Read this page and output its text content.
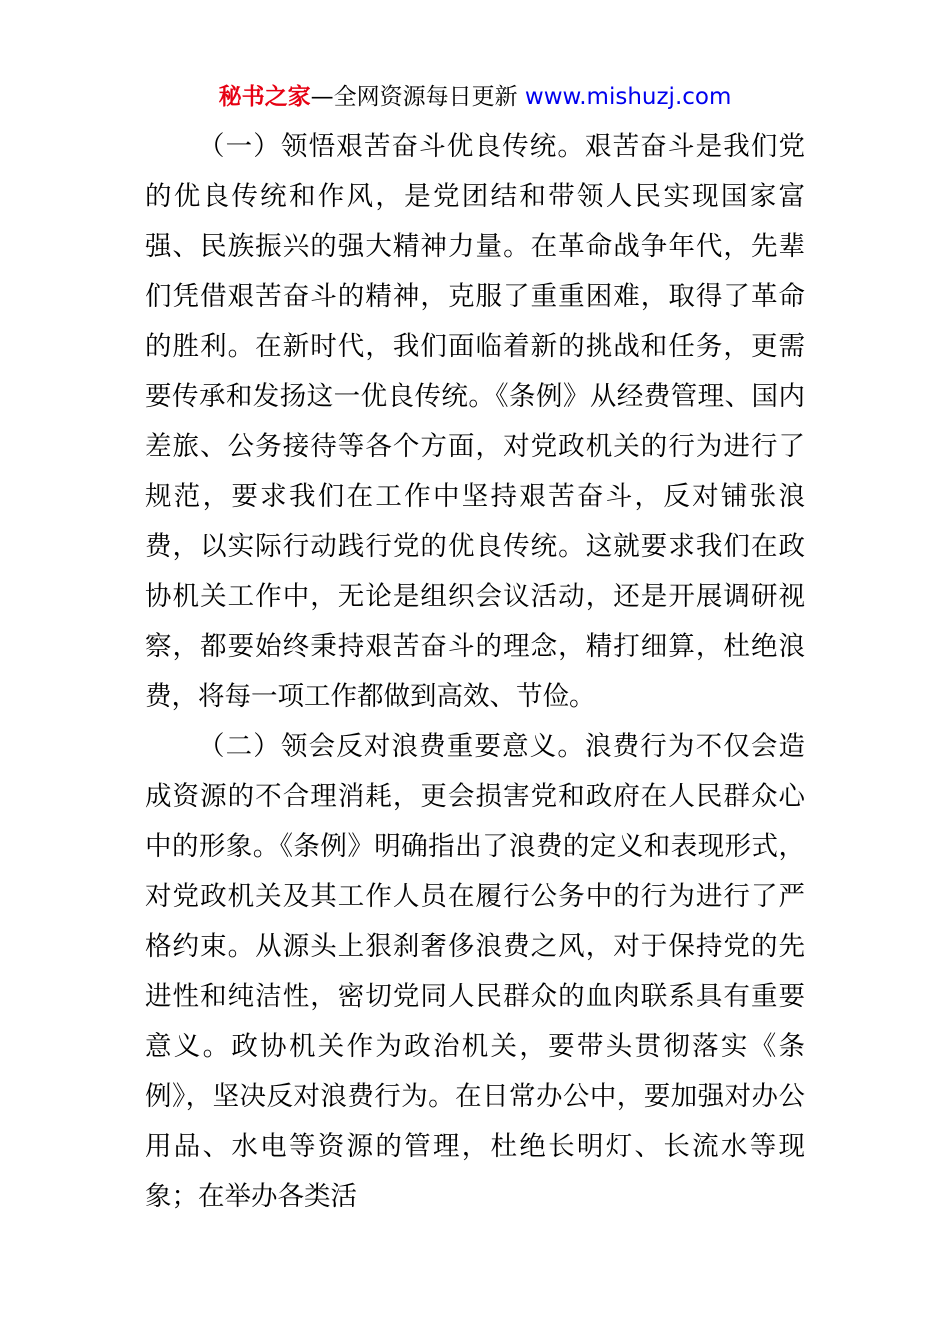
秘书之家—全网资源每日更新 www.mishuzj.com

（一）领悟艰苦奋斗优良传统。艰苦奋斗是我们党的优良传统和作风，是党团结和带领人民实现国家富强、民族振兴的强大精神力量。在革命战争年代，先辈们凭借艰苦奋斗的精神，克服了重重困难，取得了革命的胜利。在新时代，我们面临着新的挑战和任务，更需要传承和发扬这一优良传统。《条例》从经费管理、国内差旅、公务接待等各个方面，对党政机关的行为进行了规范，要求我们在工作中坚持艰苦奋斗，反对铺张浪费，以实际行动践行党的优良传统。这就要求我们在政协机关工作中，无论是组织会议活动，还是开展调研视察，都要始终秉持艰苦奋斗的理念，精打细算，杜绝浪费，将每一项工作都做到高效、节俭。

（二）领会反对浪费重要意义。浪费行为不仅会造成资源的不合理消耗，更会损害党和政府在人民群众心中的形象。《条例》明确指出了浪费的定义和表现形式，对党政机关及其工作人员在履行公务中的行为进行了严格约束。从源头上狠刹奢侈浪费之风，对于保持党的先进性和纯洁性，密切党同人民群众的血肉联系具有重要意义。政协机关作为政治机关，要带头贯彻落实《条例》，坚决反对浪费行为。在日常办公中，要加强对办公用品、水电等资源的管理，杜绝长明灯、长流水等现象；在举办各类活
